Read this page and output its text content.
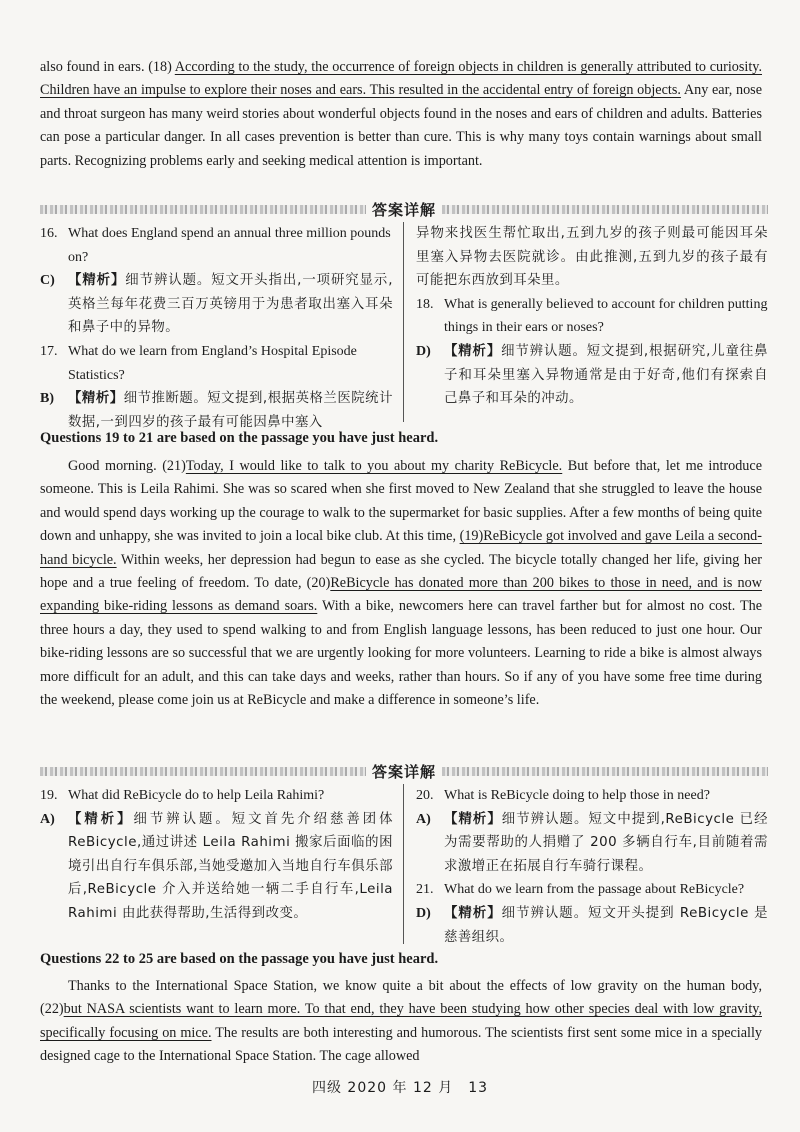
also found in ears. (18) According to the study, the occurrence of foreign objects in children is generally attributed to curiosity. Children have an impulse to explore their noses and ears. This resulted in the accidental entry of foreign objects. Any ear, nose and throat surgeon has many weird stories about wonderful objects found in the noses and ears of children and adults. Batteries can pose a particular danger. In all cases prevention is better than cure. This is why many toys contain warnings about small parts. Recognizing problems early and seeking medical attention is important.
答案详解
16. What does England spend an annual three million pounds on?
C) 【精析】细节辨认题。短文开头指出,一项研究显示,英格兰每年花费三百万英镑用于为患者取出塞入耳朵和鼻子中的异物。
17. What do we learn from England’s Hospital Episode Statistics?
B)	【精析】细节推断题。短文提到,根据英格兰医院统计数据,一到四岁的孩子最有可能因鼻中塞入
异物来找医生帮忙取出,五到九岁的孩子则最可能因耳朵里塞入异物去医院就诊。由此推测,五到九岁的孩子最有可能把东西放到耳朵里。
18. What is generally believed to account for children putting things in their ears or noses?
D) 【精析】细节辨认题。短文提到,根据研究,儿童往鼻子和耳朵里塞入异物通常是由于好奇,他们有探索自己鼻子和耳朵的冲动。
Questions 19 to 21 are based on the passage you have just heard.
Good morning. (21)Today, I would like to talk to you about my charity ReBicycle. But before that, let me introduce someone. This is Leila Rahimi. She was so scared when she first moved to New Zealand that she struggled to leave the house and would spend days working up the courage to walk to the supermarket for basic supplies. After a few months of being quite down and unhappy, she was invited to join a local bike club. At this time, (19)ReBicycle got involved and gave Leila a second-hand bicycle. Within weeks, her depression had begun to ease as she cycled. The bicycle totally changed her life, giving her hope and a true feeling of freedom. To date, (20)ReBicycle has donated more than 200 bikes to those in need, and is now expanding bike-riding lessons as demand soars. With a bike, newcomers here can travel farther but for almost no cost. The three hours a day, they used to spend walking to and from English language lessons, has been reduced to just one hour. Our bike-riding lessons are so successful that we are urgently looking for more volunteers. Learning to ride a bike is almost always more difficult for an adult, and this can take days and weeks, rather than hours. So if any of you have some free time during the weekend, please come join us at ReBicycle and make a difference in someone’s life.
答案详解
19. What did ReBicycle do to help Leila Rahimi?
A) 【精析】细节辨认题。短文首先介绍慈善团体 ReBicycle,通过讲述 Leila Rahimi 搬家后面临的困境引出自行车俱乐部,当她受邀加入当地自行车俱乐部后,ReBicycle 介入并送给她一辆二手自行车,Leila Rahimi 由此获得帮助,生活得到改变。
20. What is ReBicycle doing to help those in need?
A) 【精析】细节辨认题。短文中提到,ReBicycle 已经为需要帮助的人捐赠了 200 多辆自行车,目前随着需求激增正在拓展自行车骑行课程。
21. What do we learn from the passage about ReBicycle?
D) 【精析】细节辨认题。短文开头提到 ReBicycle 是慈善组织。
Questions 22 to 25 are based on the passage you have just heard.
Thanks to the International Space Station, we know quite a bit about the effects of low gravity on the human body, (22)but NASA scientists want to learn more. To that end, they have been studying how other species deal with low gravity, specifically focusing on mice. The results are both interesting and humorous. The scientists first sent some mice in a specially designed cage to the International Space Station. The cage allowed
四级 2020 年 12 月　13
